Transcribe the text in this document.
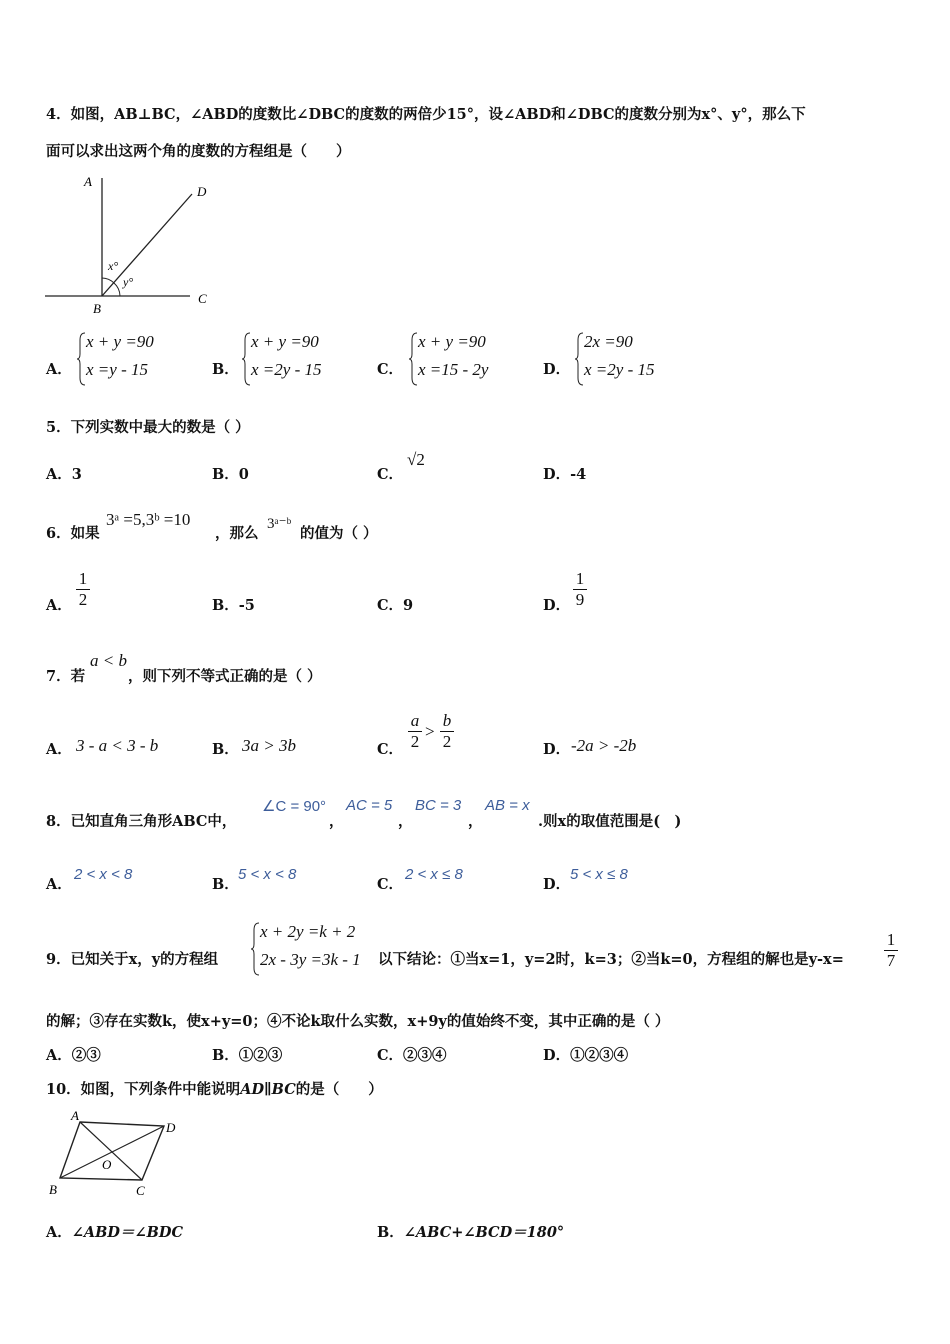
4．如图，AB⊥BC，∠ABD的度数比∠DBC的度数的两倍少15°，设∠ABD和∠DBC的度数分别为x°、y°，那么下
面可以求出这两个角的度数的方程组是（　　）
A
B
C
D
x°
y°
A．
x + y =90
x =y - 15	B．
x + y =90
x =2y - 15	C．
x + y =90
x =15 - 2y	D．
2x =90
x =2y - 15
5．下列实数中最大的数是（ ）
A．3	B．0	C．
√2
D．-4
6．如果
3ᵃ =5,3ᵇ =10
，那么
3ᵃ⁻ᵇ
的值为（ ）
A．
1
2	B．-5	C．9	D．
1
9
7．若
a < b
，则下列不等式正确的是（ ）
A． 3 - a < 3 - b	B． 3a > 3b	C．
a
2
>
b
2	D． -2a > -2b
8．已知直角三角形ABC中，
∠C = 90°
，
AC = 5
，
BC = 3
，
AB = x
.则x的取值范围是(　)
A．
2 < x < 8
B．
5 < x < 8
C．
2 < x ≤ 8
D．
5 < x ≤ 8
9．已知关于x，y的方程组
x + 2y =k + 2
2x - 3y =3k - 1 以下结论：①当x=1，y=2时，k=3；②当k=0，方程组的解也是y-x=
1
7
的解；③存在实数k，使x+y=0；④不论k取什么实数，x+9y的值始终不变，其中正确的是（ ）
A．②③	B．①②③	C．②③④	D．①②③④
10．如图，下列条件中能说明AD∥BC的是（　　）
A
D
B	C
O
A．∠ABD＝∠BDC	B．∠ABC+∠BCD＝180°
